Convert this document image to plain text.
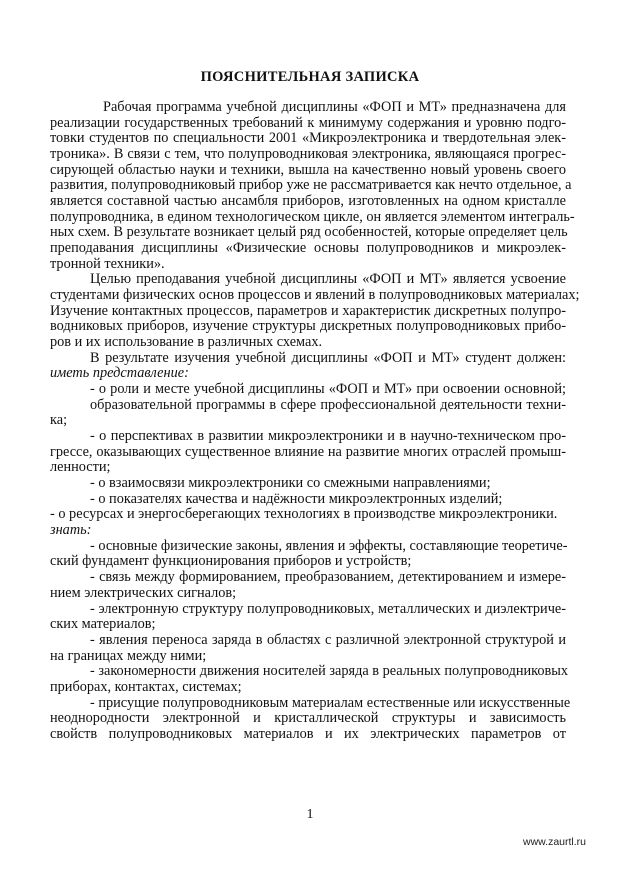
ПОЯСНИТЕЛЬНАЯ ЗАПИСКА
Рабочая программа учебной дисциплины «ФОП и МТ» предназначена для
реализации государственных требований к минимуму содержания и уровню подго-
товки студентов по специальности 2001 «Микроэлектроника и твердотельная элек-
троника». В связи с тем, что полупроводниковая электроника, являющаяся прогрес-
сирующей областью науки и техники, вышла на качественно новый уровень своего
развития, полупроводниковый прибор уже не рассматривается как нечто отдельное, а
является составной частью ансамбля приборов, изготовленных на одном кристалле
полупроводника, в едином технологическом цикле, он является элементом интеграль-
ных схем. В результате возникает целый ряд особенностей, которые определяет цель
преподавания дисциплины «Физические основы полупроводников и микроэлек-
тронной техники».
Целью преподавания учебной дисциплины «ФОП и МТ» является усвоение
студентами физических основ процессов и явлений в полупроводниковых материалах;
Изучение контактных процессов, параметров и характеристик дискретных полупро-
водниковых приборов, изучение структуры дискретных полупроводниковых прибо-
ров и их использование в различных схемах.
В результате изучения учебной дисциплины «ФОП и МТ» студент должен:
иметь представление:
- о роли и месте учебной дисциплины «ФОП и МТ» при освоении основной;
образовательной программы в сфере профессиональной деятельности техни-
ка;
- о перспективах в развитии микроэлектроники и в научно-техническом про-
грессе, оказывающих существенное влияние на развитие многих отраслей промыш-
ленности;
- о взаимосвязи микроэлектроники со смежными направлениями;
- о показателях качества и надёжности микроэлектронных изделий;
- о ресурсах и энергосберегающих технологиях в производстве микроэлектроники.
знать:
- основные физические законы, явления и эффекты, составляющие теоретиче-
ский фундамент функционирования приборов и устройств;
- связь между формированием, преобразованием, детектированием и измере-
нием электрических сигналов;
- электронную структуру полупроводниковых, металлических и диэлектриче-
ских материалов;
- явления переноса заряда в областях с различной электронной структурой и
на границах между ними;
- закономерности движения носителей заряда в реальных полупроводниковых
приборах, контактах, системах;
- присущие полупроводниковым материалам естественные или искусственные
неоднородности электронной и кристаллической структуры и зависимость
свойств полупроводниковых материалов и их электрических параметров от
1
www.zaurtl.ru
